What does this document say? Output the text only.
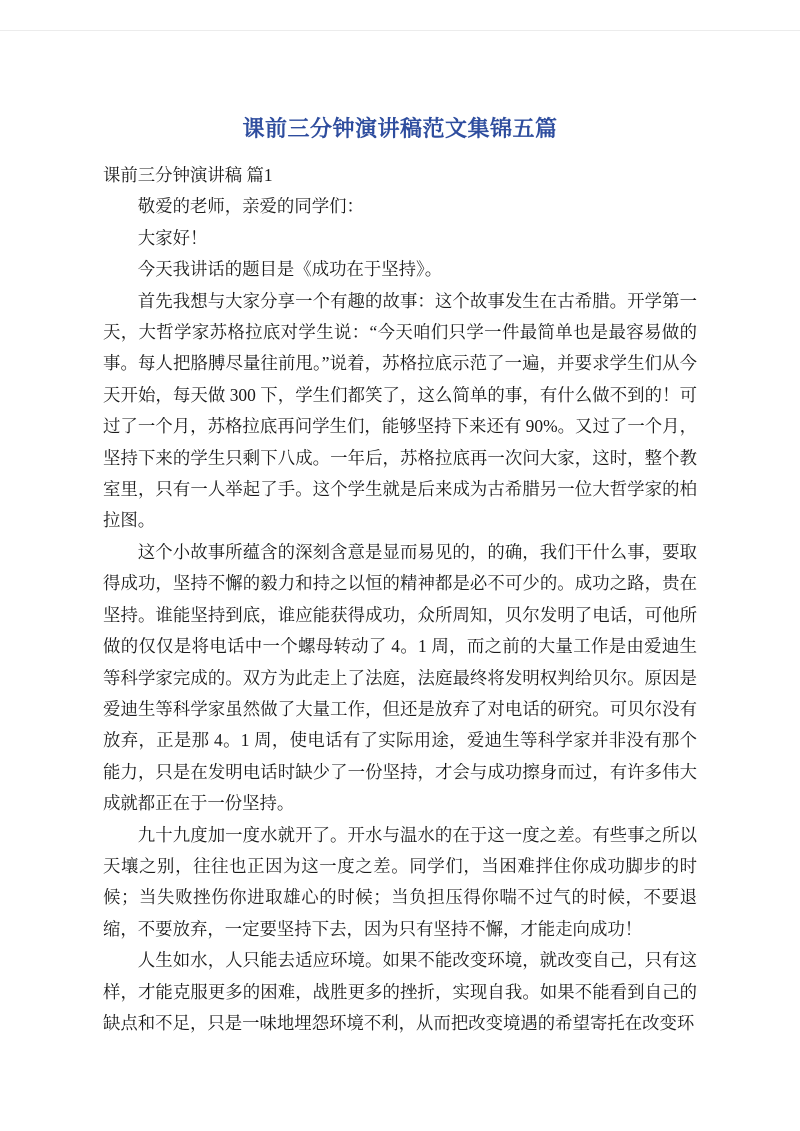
课前三分钟演讲稿范文集锦五篇

课前三分钟演讲稿 篇1

敬爱的老师，亲爱的同学们：

大家好！

今天我讲话的题目是《成功在于坚持》。

首先我想与大家分享一个有趣的故事：这个故事发生在古希腊。开学第一天，大哲学家苏格拉底对学生说：“今天咱们只学一件最简单也是最容易做的事。每人把胳膊尽量往前甩。”说着，苏格拉底示范了一遍，并要求学生们从今天开始，每天做 300 下，学生们都笑了，这么简单的事，有什么做不到的！可过了一个月，苏格拉底再问学生们，能够坚持下来还有 90%。又过了一个月，坚持下来的学生只剩下八成。一年后，苏格拉底再一次问大家，这时，整个教室里，只有一人举起了手。这个学生就是后来成为古希腊另一位大哲学家的柏拉图。

这个小故事所蕴含的深刻含意是显而易见的，的确，我们干什么事，要取得成功，坚持不懈的毅力和持之以恒的精神都是必不可少的。成功之路，贵在坚持。谁能坚持到底，谁应能获得成功，众所周知，贝尔发明了电话，可他所做的仅仅是将电话中一个螺母转动了 4。1 周，而之前的大量工作是由爱迪生等科学家完成的。双方为此走上了法庭，法庭最终将发明权判给贝尔。原因是爱迪生等科学家虽然做了大量工作，但还是放弃了对电话的研究。可贝尔没有放弃，正是那 4。1 周，使电话有了实际用途，爱迪生等科学家并非没有那个能力，只是在发明电话时缺少了一份坚持，才会与成功擦身而过，有许多伟大成就都正在于一份坚持。

九十九度加一度水就开了。开水与温水的在于这一度之差。有些事之所以天壤之别，往往也正因为这一度之差。同学们，当困难拌住你成功脚步的时候；当失败挫伤你进取雄心的时候；当负担压得你喘不过气的时候，不要退缩，不要放弃，一定要坚持下去，因为只有坚持不懈，才能走向成功！

人生如水，人只能去适应环境。如果不能改变环境，就改变自己，只有这样，才能克服更多的困难，战胜更多的挫折，实现自我。如果不能看到自己的缺点和不足，只是一味地埋怨环境不利，从而把改变境遇的希望寄托在改变环
